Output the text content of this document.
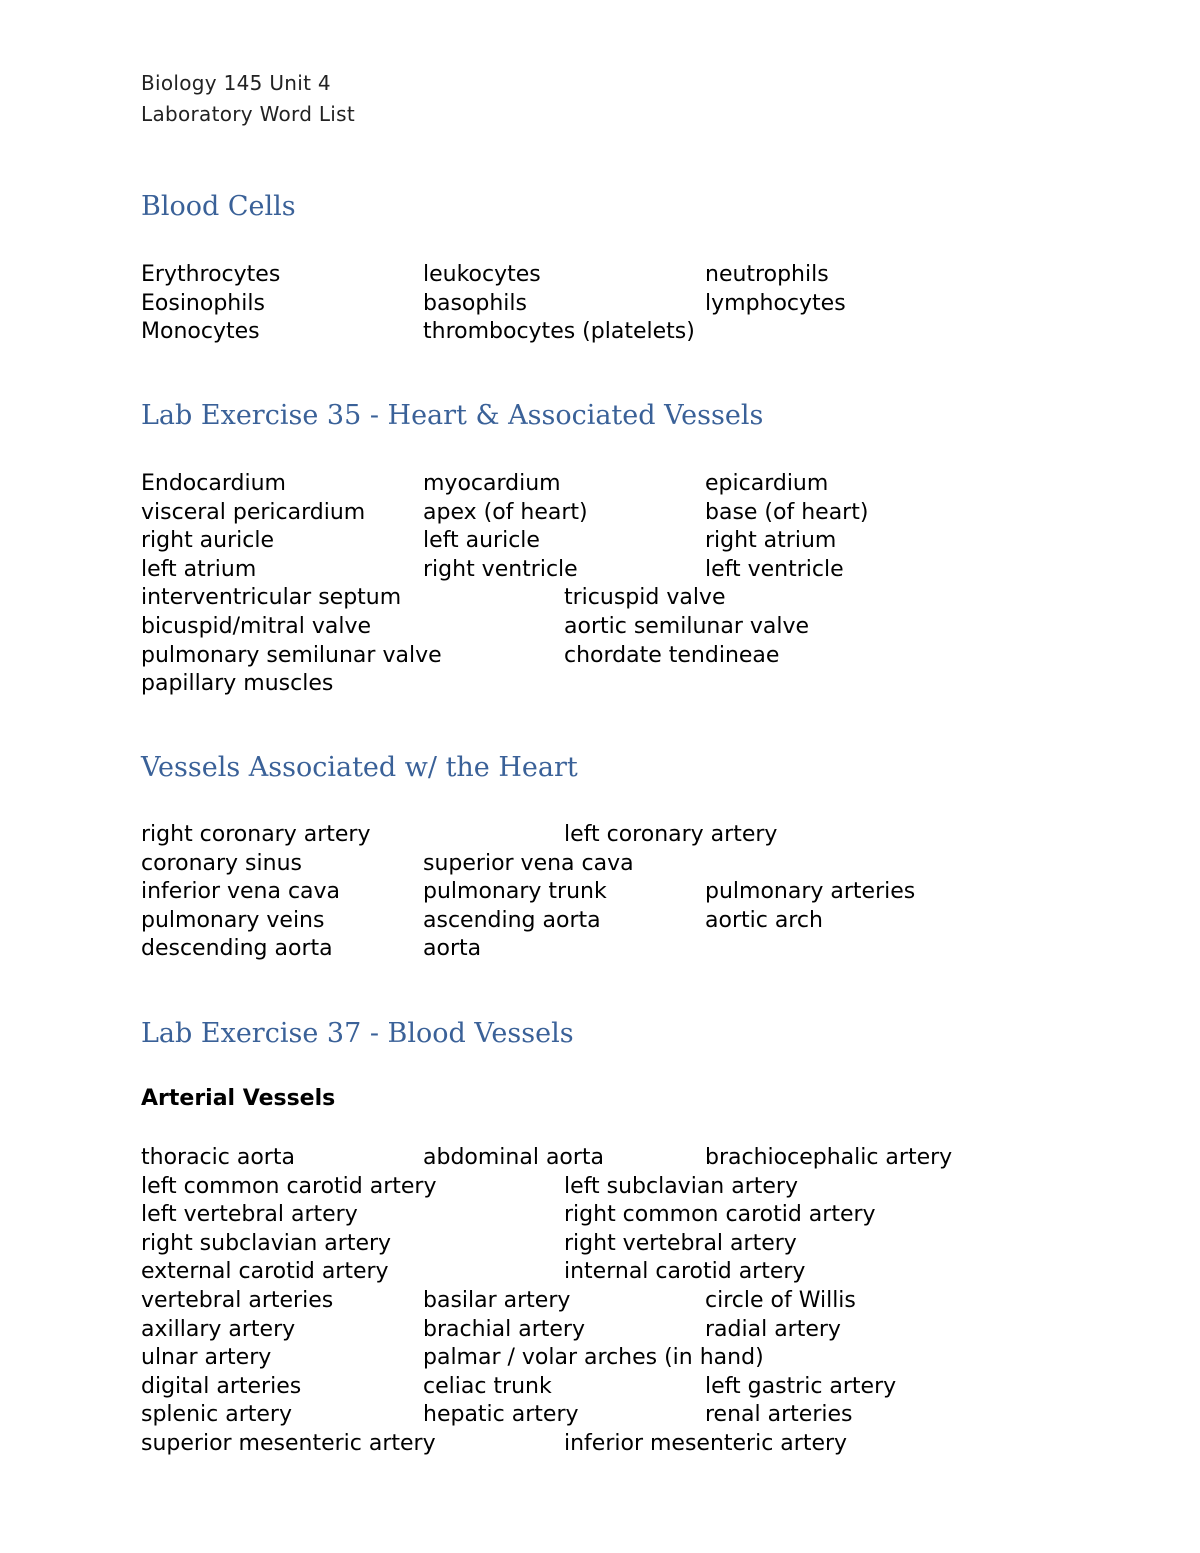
Biology 145 Unit 4
Laboratory Word List
Blood Cells
Erythrocytes	leukocytes	neutrophils
Eosinophils	basophils	lymphocytes
Monocytes	thrombocytes (platelets)
Lab Exercise 35 - Heart & Associated Vessels
Endocardium	myocardium	epicardium
visceral pericardium	apex (of heart)	base (of heart)
right auricle	left auricle	right atrium
left atrium	right ventricle	left ventricle
interventricular septum	tricuspid valve
bicuspid/mitral valve	aortic semilunar valve
pulmonary semilunar valve	chordate tendineae
papillary muscles
Vessels Associated w/ the Heart
right coronary artery	left coronary artery
coronary sinus	superior vena cava
inferior vena cava	pulmonary trunk	pulmonary arteries
pulmonary veins	ascending aorta	aortic arch
descending aorta	aorta
Lab Exercise 37 - Blood Vessels
Arterial Vessels
thoracic aorta	abdominal aorta	brachiocephalic artery
left common carotid artery	left subclavian artery
left vertebral artery	right common carotid artery
right subclavian artery	right vertebral artery
external carotid artery	internal carotid artery
vertebral arteries	basilar artery	circle of Willis
axillary artery	brachial artery	radial artery
ulnar artery	palmar / volar arches (in hand)
digital arteries	celiac trunk	left gastric artery
splenic artery	hepatic artery	renal arteries
superior mesenteric artery	inferior mesenteric artery
